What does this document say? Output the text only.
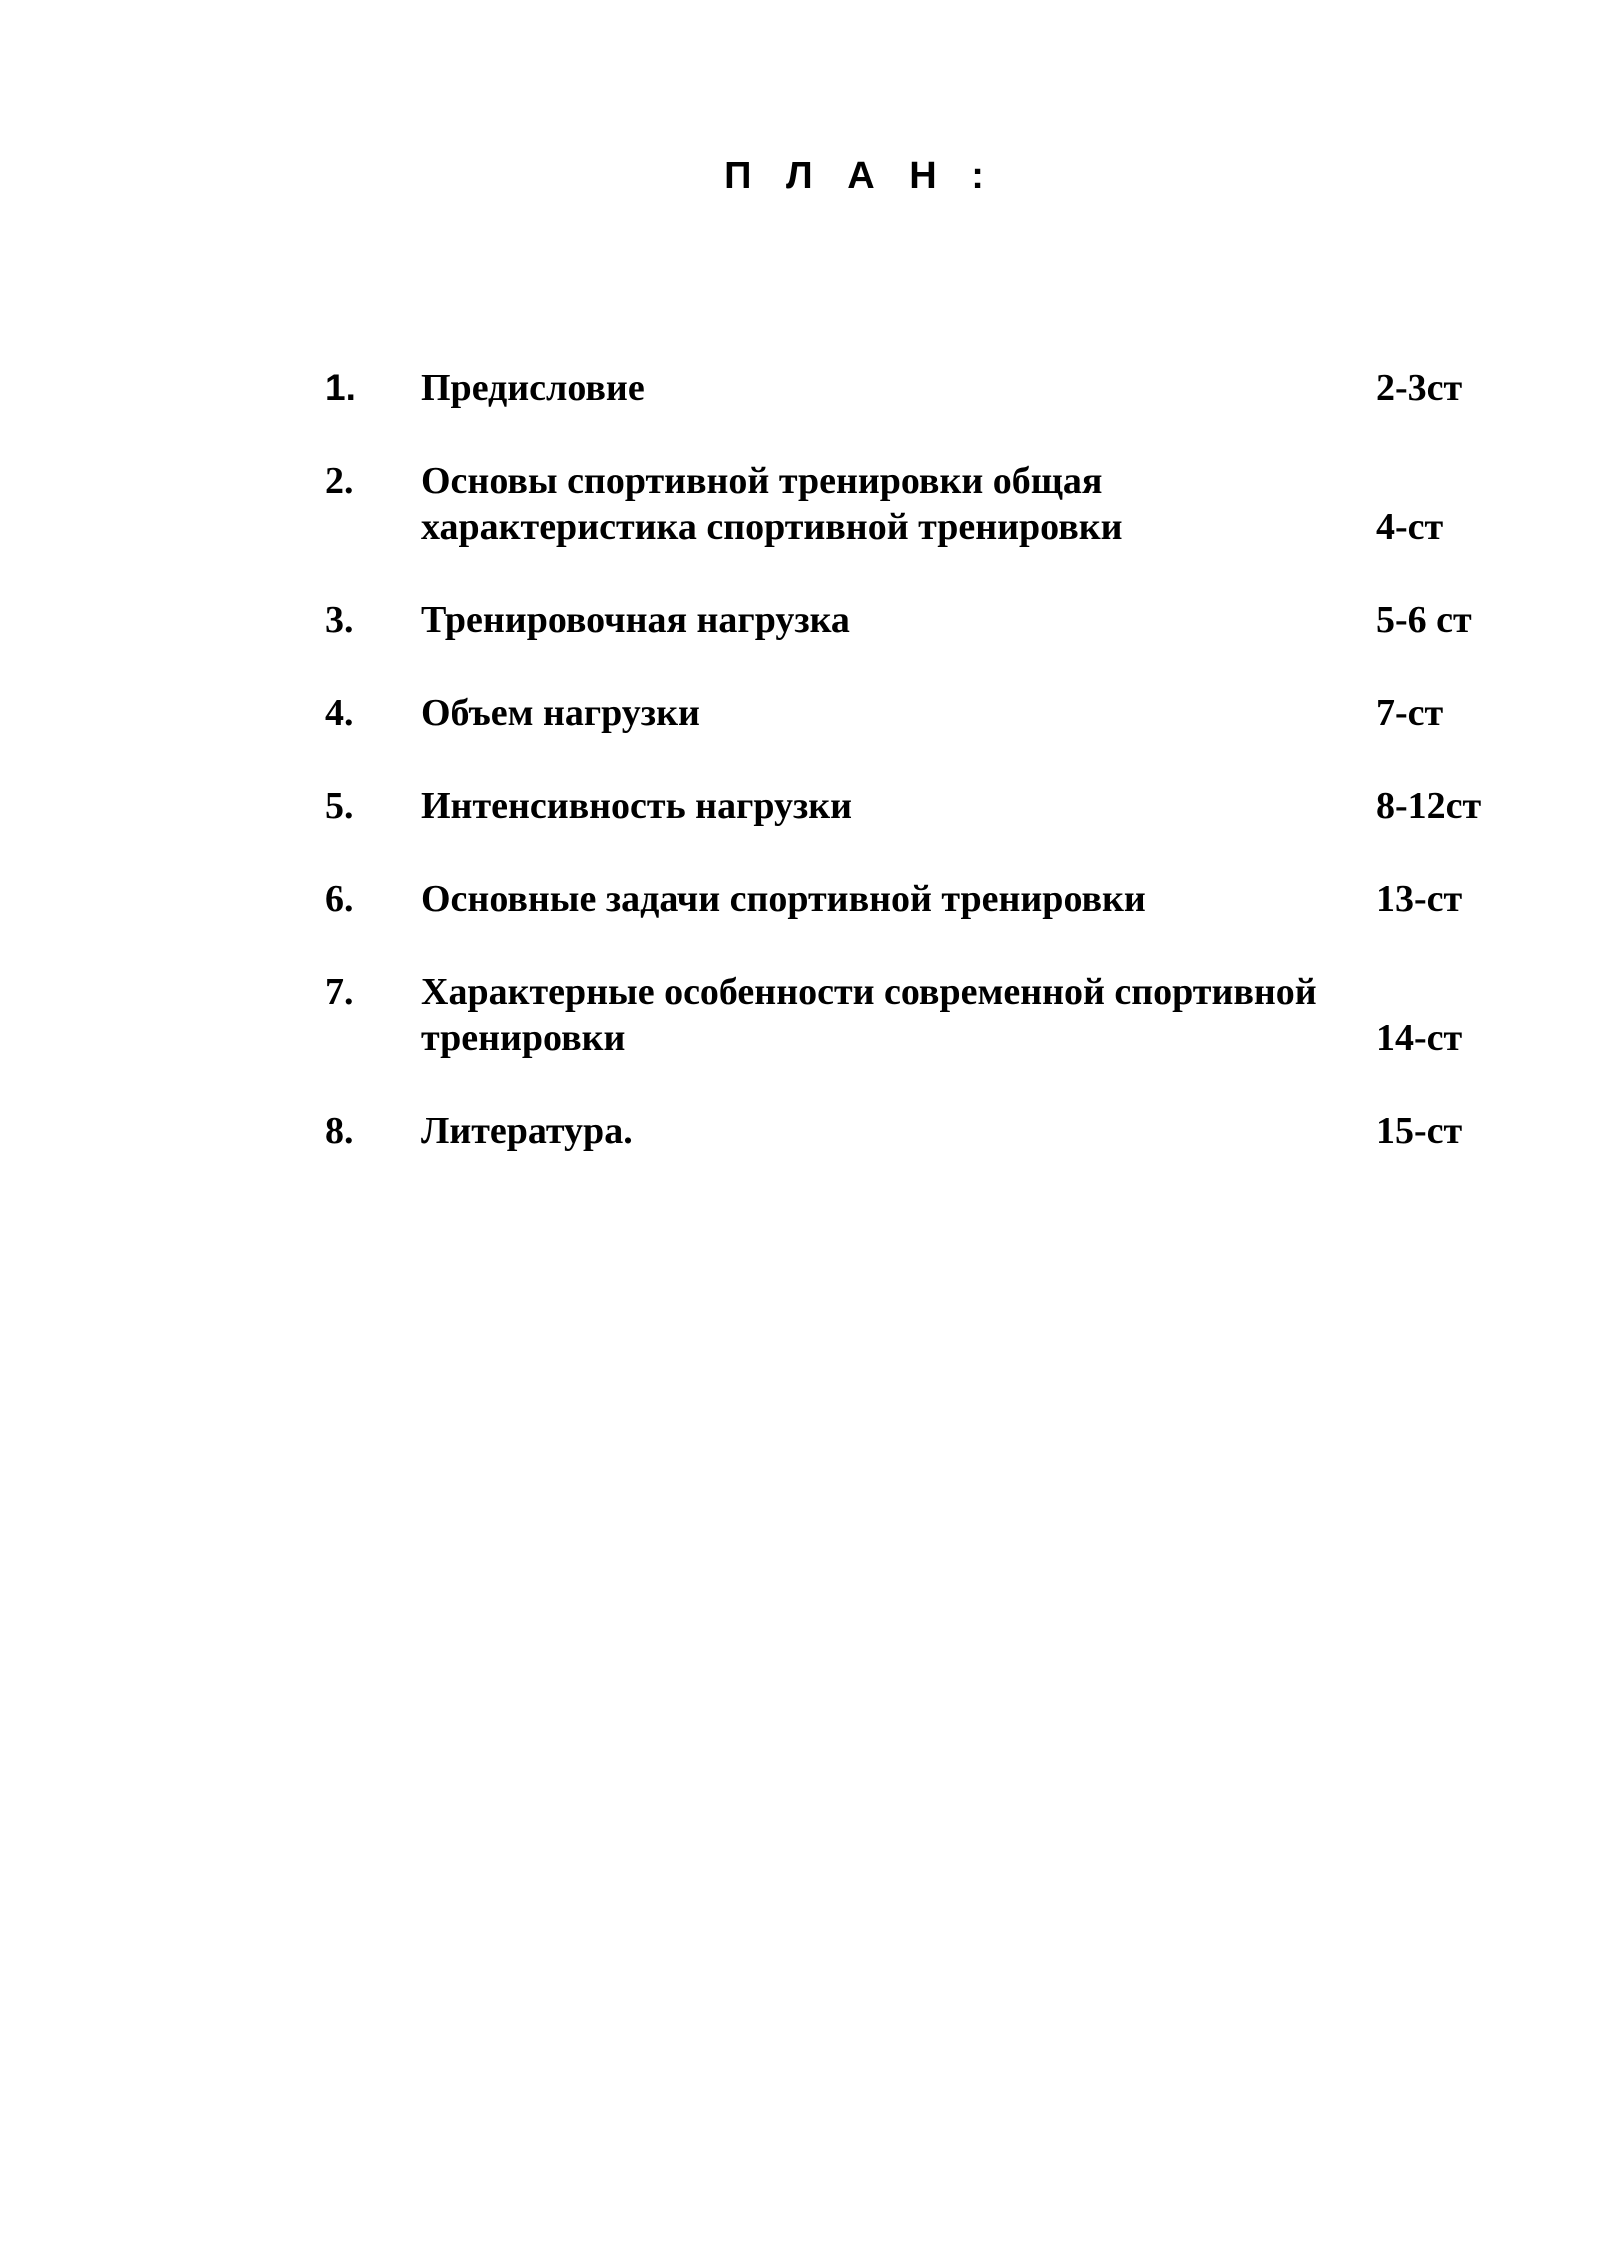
П Л А Н :
1. Предисловие	2-3ст
2. Основы спортивной тренировки общая
характеристика спортивной тренировки	4-ст
3. Тренировочная нагрузка	5-6 ст
4. Объем нагрузки	7-ст
5. Интенсивность нагрузки	8-12ст
6. Основные задачи спортивной тренировки	13-ст
7. Характерные особенности современной спортивной
тренировки	14-ст
8. Литература.	15-ст
